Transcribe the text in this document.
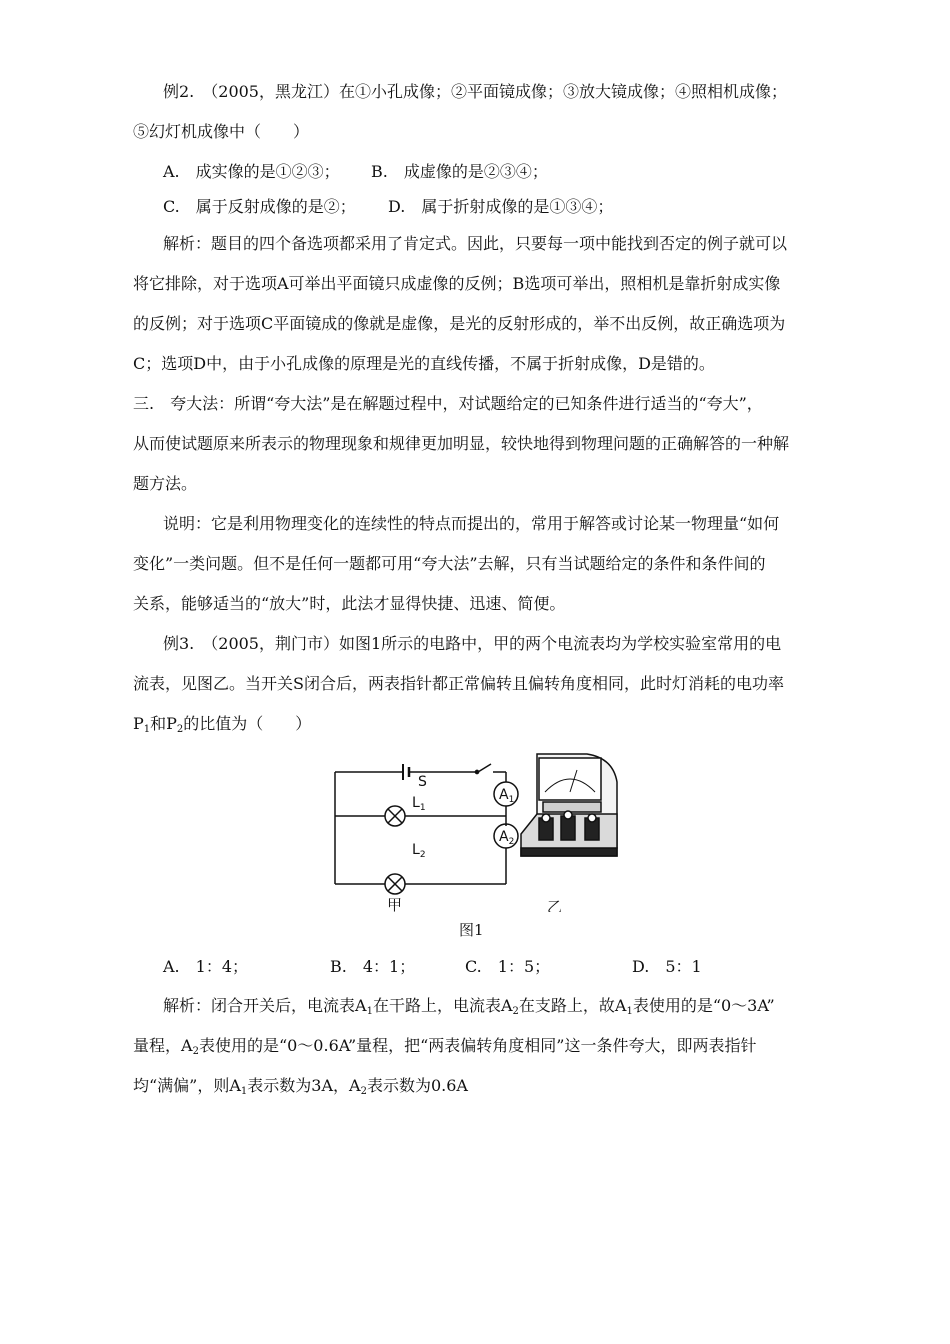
例2.　（2005，黑龙江）在①小孔成像；②平面镜成像；③放大镜成像；④照相机成像；
⑤幻灯机成像中（　　）
A.　成实像的是①②③； B.　成虚像的是②③④；
C.　属于反射成像的是②； D.　属于折射成像的是①③④；
解析：题目的四个备选项都采用了肯定式。因此，只要每一项中能找到否定的例子就可以
将它排除，对于选项A可举出平面镜只成虚像的反例；B选项可举出，照相机是靠折射成实像
的反例；对于选项C平面镜成的像就是虚像，是光的反射形成的，举不出反例，故正确选项为
C；选项D中，由于小孔成像的原理是光的直线传播，不属于折射成像，D是错的。
三.　夸大法：所谓“夸大法”是在解题过程中，对试题给定的已知条件进行适当的“夸大”，
从而使试题原来所表示的物理现象和规律更加明显，较快地得到物理问题的正确解答的一种解
题方法。
说明：它是利用物理变化的连续性的特点而提出的，常用于解答或讨论某一物理量“如何
变化”一类问题。但不是任何一题都可用“夸大法”去解，只有当试题给定的条件和条件间的
关系，能够适当的“放大”时，此法才显得快捷、迅速、简便。
例3.　（2005，荆门市）如图1所示的电路中，甲的两个电流表均为学校实验室常用的电
流表，见图乙。当开关S闭合后，两表指针都正常偏转且偏转角度相同，此时灯消耗的电功率
$P_1$和$P_2$的比值为（　　）
S
$A_1$
$A_2$
$L_1$
$L_2$
甲	乙
图1
A.　1：4；	B.　4：1；	C.　1：5；	D.　5：1
解析：闭合开关后，电流表$A_1$在干路上，电流表$A_2$在支路上，故$A_1$表使用的是“0～3A”
量程，$A_2$表使用的是“0～0.6A”量程，把“两表偏转角度相同”这一条件夸大，即两表指针
均“满偏”，则$A_1$表示数为3A，$A_2$表示数为0.6A
